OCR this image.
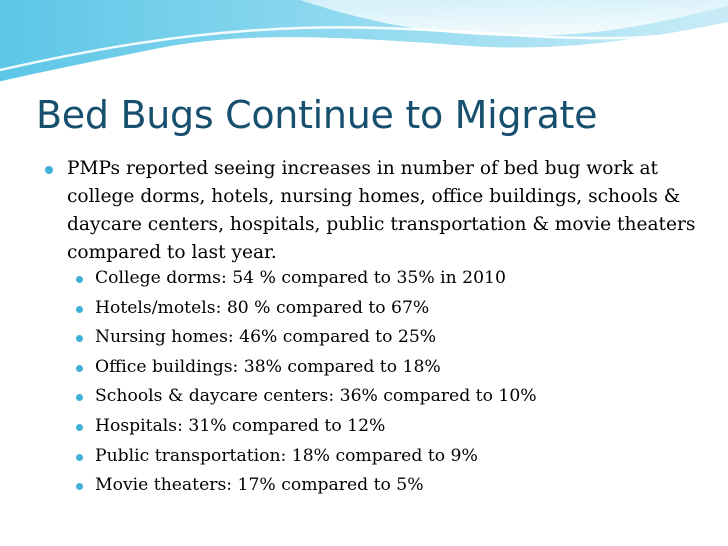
Bed Bugs Continue to Migrate
PMPs reported seeing increases in number of bed bug work at college dorms, hotels, nursing homes, office buildings, schools & daycare centers, hospitals, public transportation & movie theaters compared to last year.
College dorms: 54 % compared to 35% in 2010
Hotels/motels: 80 % compared to 67%
Nursing homes: 46% compared to 25%
Office buildings: 38% compared to 18%
Schools & daycare centers: 36% compared to 10%
Hospitals: 31% compared to 12%
Public transportation: 18% compared to 9%
Movie theaters: 17% compared to 5%
